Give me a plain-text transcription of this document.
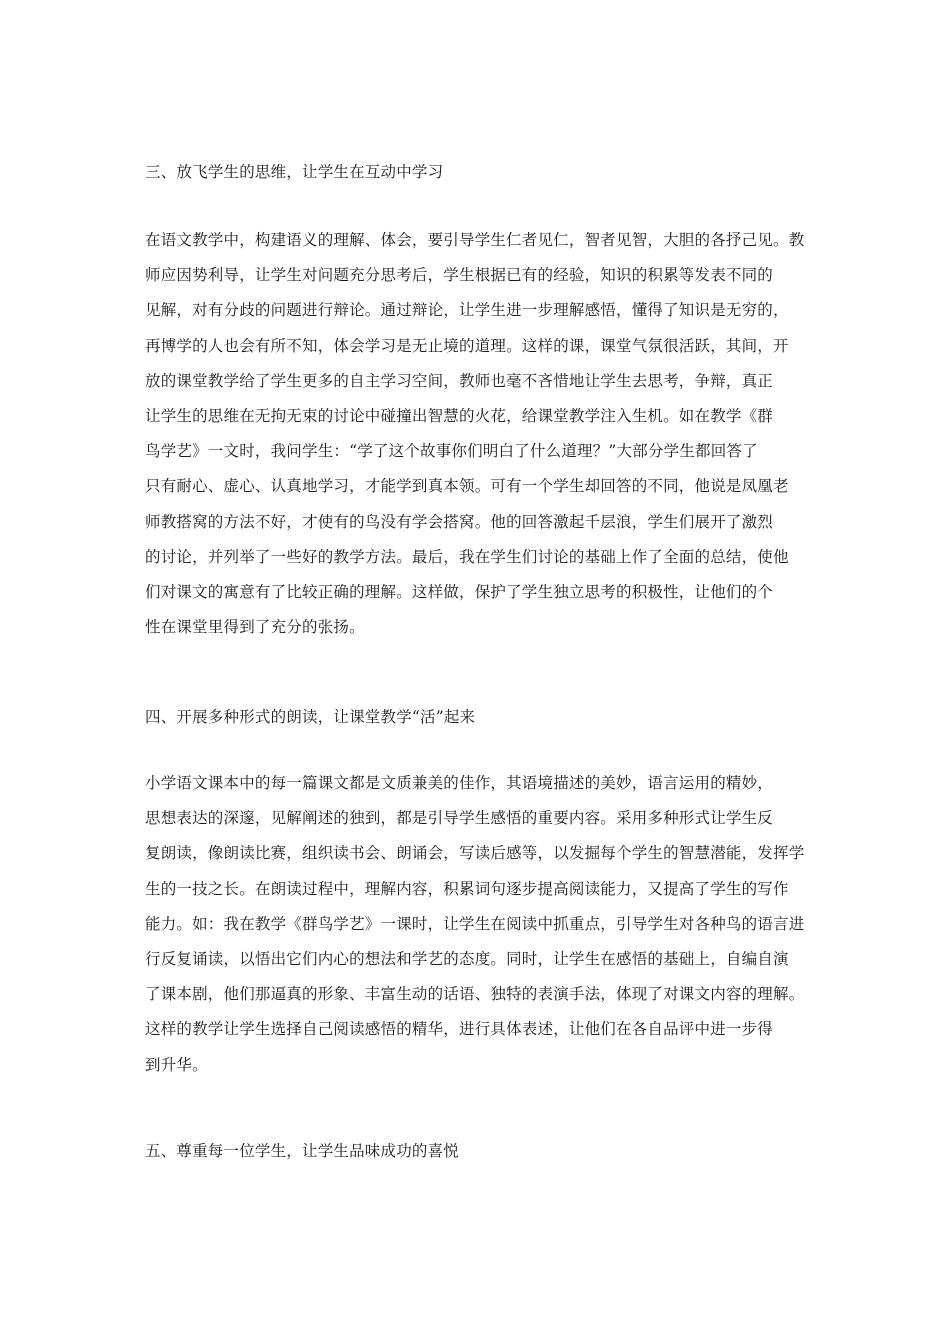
三、放飞学生的思维，让学生在互动中学习
在语文教学中，构建语义的理解、体会，要引导学生仁者见仁，智者见智，大胆的各抒己见。教
师应因势利导，让学生对问题充分思考后，学生根据已有的经验，知识的积累等发表不同的
见解，对有分歧的问题进行辩论。通过辩论，让学生进一步理解感悟，懂得了知识是无穷的，
再博学的人也会有所不知，体会学习是无止境的道理。这样的课，课堂气氛很活跃，其间，开
放的课堂教学给了学生更多的自主学习空间，教师也毫不吝惜地让学生去思考，争辩，真正
让学生的思维在无拘无束的讨论中碰撞出智慧的火花，给课堂教学注入生机。如在教学《群
鸟学艺》一文时，我问学生：“学了这个故事你们明白了什么道理？”大部分学生都回答了
只有耐心、虚心、认真地学习，才能学到真本领。可有一个学生却回答的不同，他说是凤凰老
师教搭窝的方法不好，才使有的鸟没有学会搭窝。他的回答激起千层浪，学生们展开了激烈
的讨论，并列举了一些好的教学方法。最后，我在学生们讨论的基础上作了全面的总结，使他
们对课文的寓意有了比较正确的理解。这样做，保护了学生独立思考的积极性，让他们的个
性在课堂里得到了充分的张扬。
四、开展多种形式的朗读，让课堂教学“活”起来
小学语文课本中的每一篇课文都是文质兼美的佳作，其语境描述的美妙，语言运用的精妙，
思想表达的深邃，见解阐述的独到，都是引导学生感悟的重要内容。采用多种形式让学生反
复朗读，像朗读比赛，组织读书会、朗诵会，写读后感等，以发掘每个学生的智慧潜能，发挥学
生的一技之长。在朗读过程中，理解内容，积累词句逐步提高阅读能力，又提高了学生的写作
能力。如：我在教学《群鸟学艺》一课时，让学生在阅读中抓重点，引导学生对各种鸟的语言进
行反复诵读，以悟出它们内心的想法和学艺的态度。同时，让学生在感悟的基础上，自编自演
了课本剧，他们那逼真的形象、丰富生动的话语、独特的表演手法，体现了对课文内容的理解。
这样的教学让学生选择自己阅读感悟的精华，进行具体表述，让他们在各自品评中进一步得
到升华。
五、尊重每一位学生，让学生品味成功的喜悦
